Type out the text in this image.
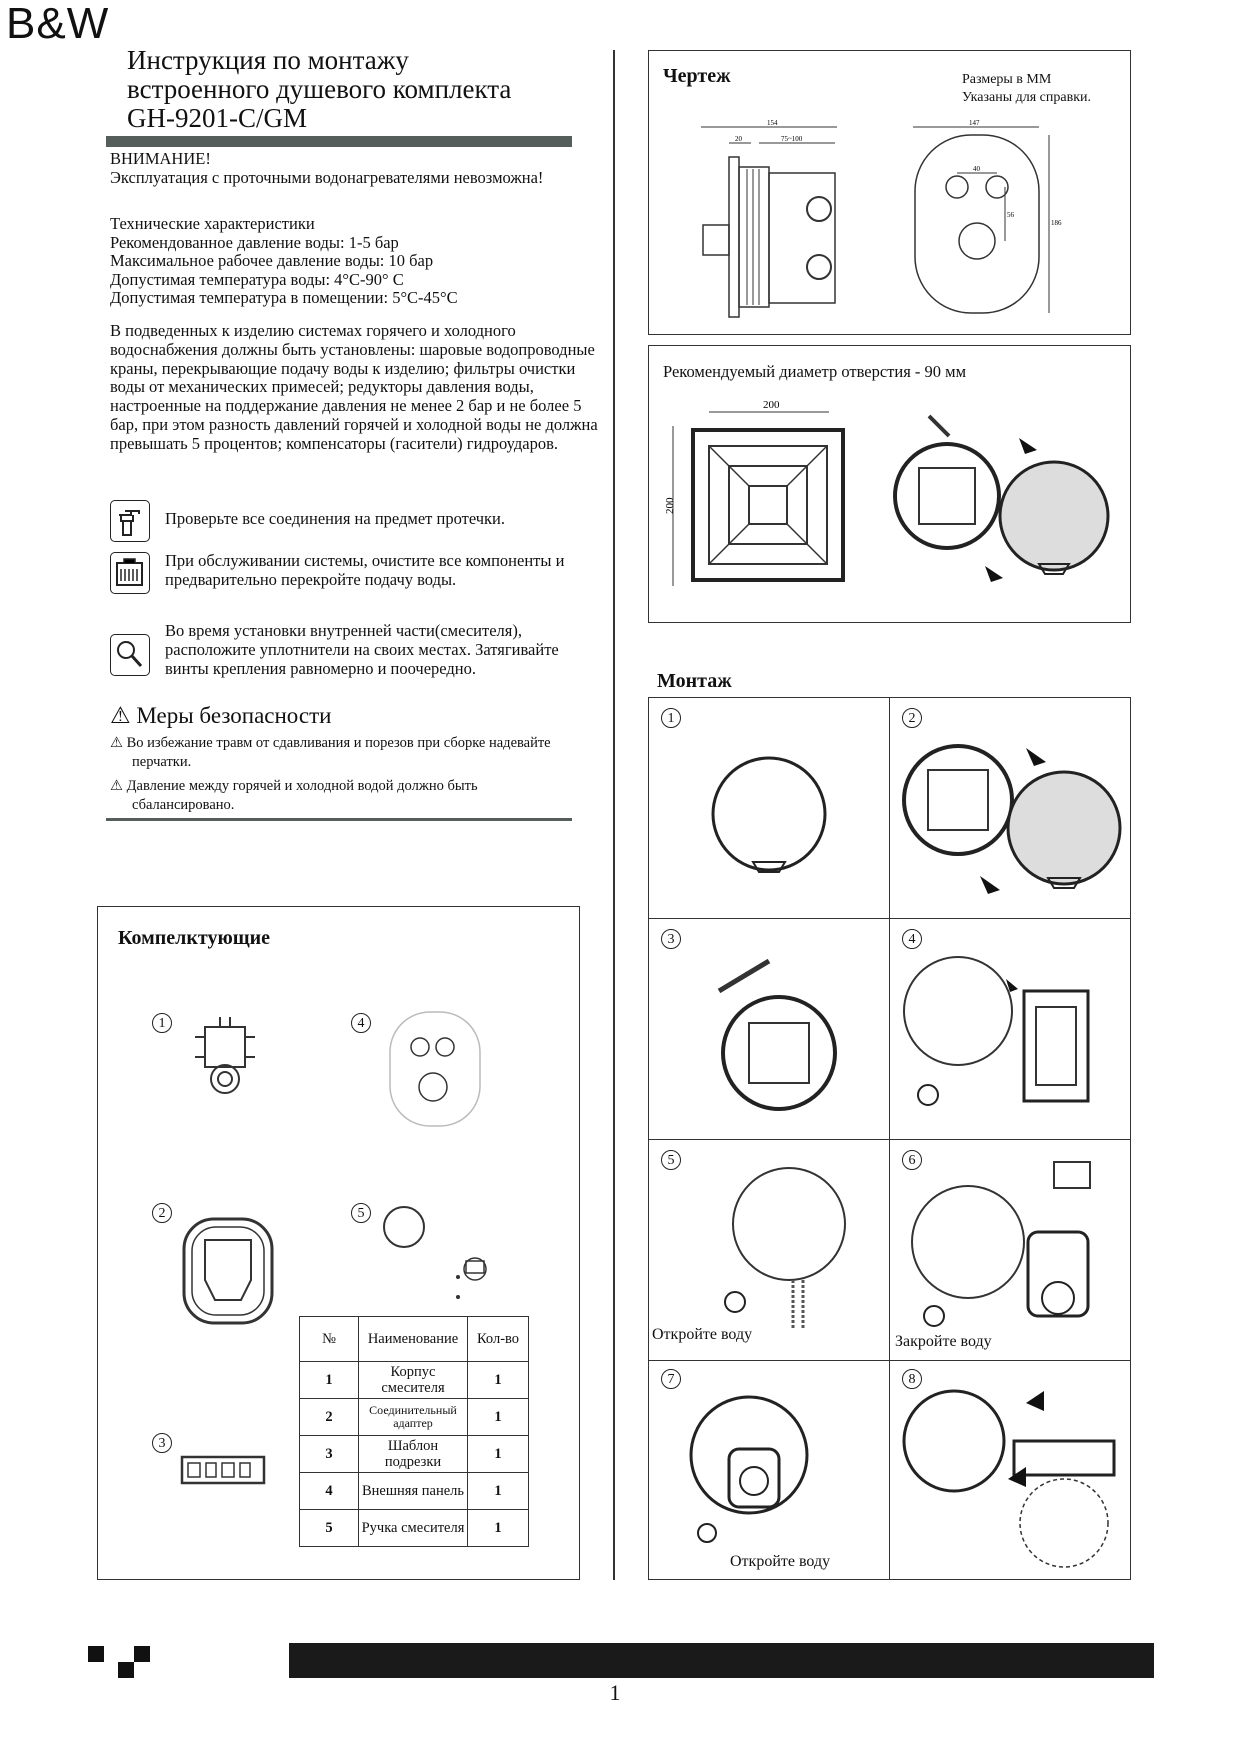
B&W
Инструкция по монтажу
встроенного душевого комплекта
GH-9201-C/GM
ВНИМАНИЕ!
Эксплуатация с проточными водонагревателями невозможна!
Технические характеристики
Рекомендованное давление воды: 1-5 бар
Максимальное рабочее давление воды: 10 бар
Допустимая температура воды: 4°С-90° С
Допустимая температура в помещении: 5°С-45°С
В подведенных к изделию системах горячего и холодного водоснабжения должны быть установлены: шаровые водопроводные краны, перекрывающие подачу воды к изделию; фильтры очистки воды от механических примесей; редукторы давления воды, настроенные на поддержание давления не менее 2 бар и не более 5 бар, при этом разность давлений горячей и холодной воды не должна превышать 5 процентов; компенсаторы (гасители) гидроударов.
Проверьте все соединения на предмет протечки.
При обслуживании системы, очистите все компоненты и предварительно перекройте подачу воды.
Во время установки внутренней части(смесителя), расположите уплотнители на своих местах. Затягивайте винты крепления равномерно и поочередно.
⚠ Меры безопасности
⚠ Во избежание травм от сдавливания и порезов при сборке надевайте перчатки.
⚠ Давление между горячей и холодной водой должно быть сбалансировано.
Компелктующие
1	4
2	5
3
№	Наименование	Кол-во
1	Корпус смесителя	1
2	Соединительный адаптер	1
3	Шаблон подрезки	1
4	Внешняя панель	1
5	Ручка смесителя	1
Чертеж	Размеры в ММ
Указаны для справки.
154
20	75~100
147
186
40
56
Рекомендуемый диаметр отверстия - 90 мм
200
200
Монтаж
1	2
3	4
5
Откройте воду
6
Закройте воду
7
Откройте воду
8
1
